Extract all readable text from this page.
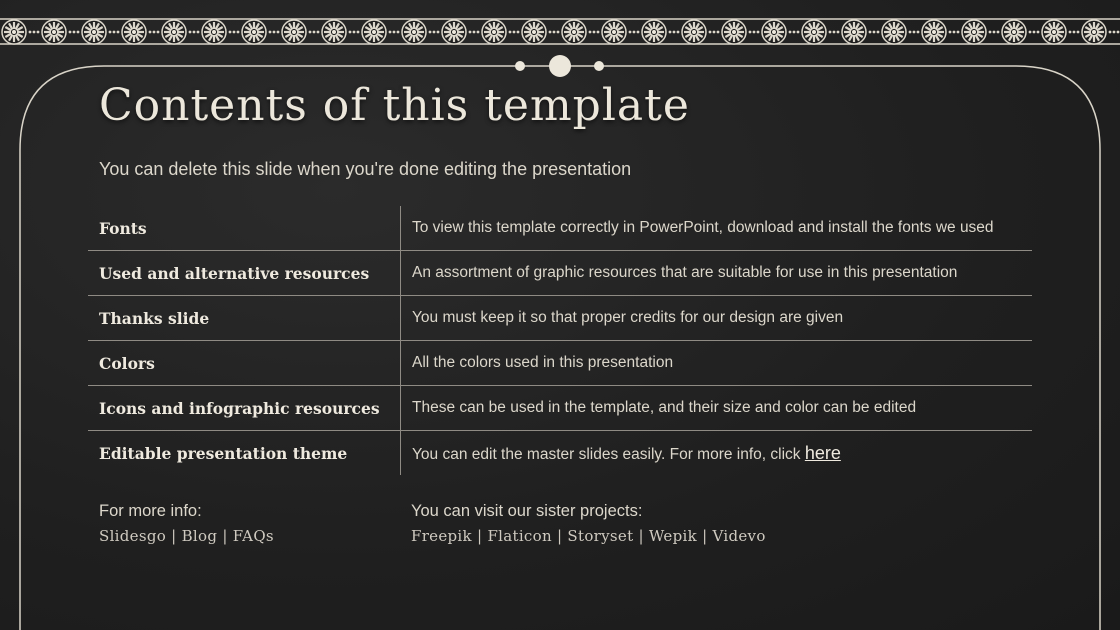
Contents of this template

You can delete this slide when you're done editing the presentation

Fonts	To view this template correctly in PowerPoint, download and install the fonts we used
Used and alternative resources	An assortment of graphic resources that are suitable for use in this presentation
Thanks slide	You must keep it so that proper credits for our design are given
Colors	All the colors used in this presentation
Icons and infographic resources	These can be used in the template, and their size and color can be edited
Editable presentation theme	You can edit the master slides easily. For more info, click here

For more info:

Slidesgo | Blog | FAQs

You can visit our sister projects:

Freepik | Flaticon | Storyset | Wepik | Videvo
